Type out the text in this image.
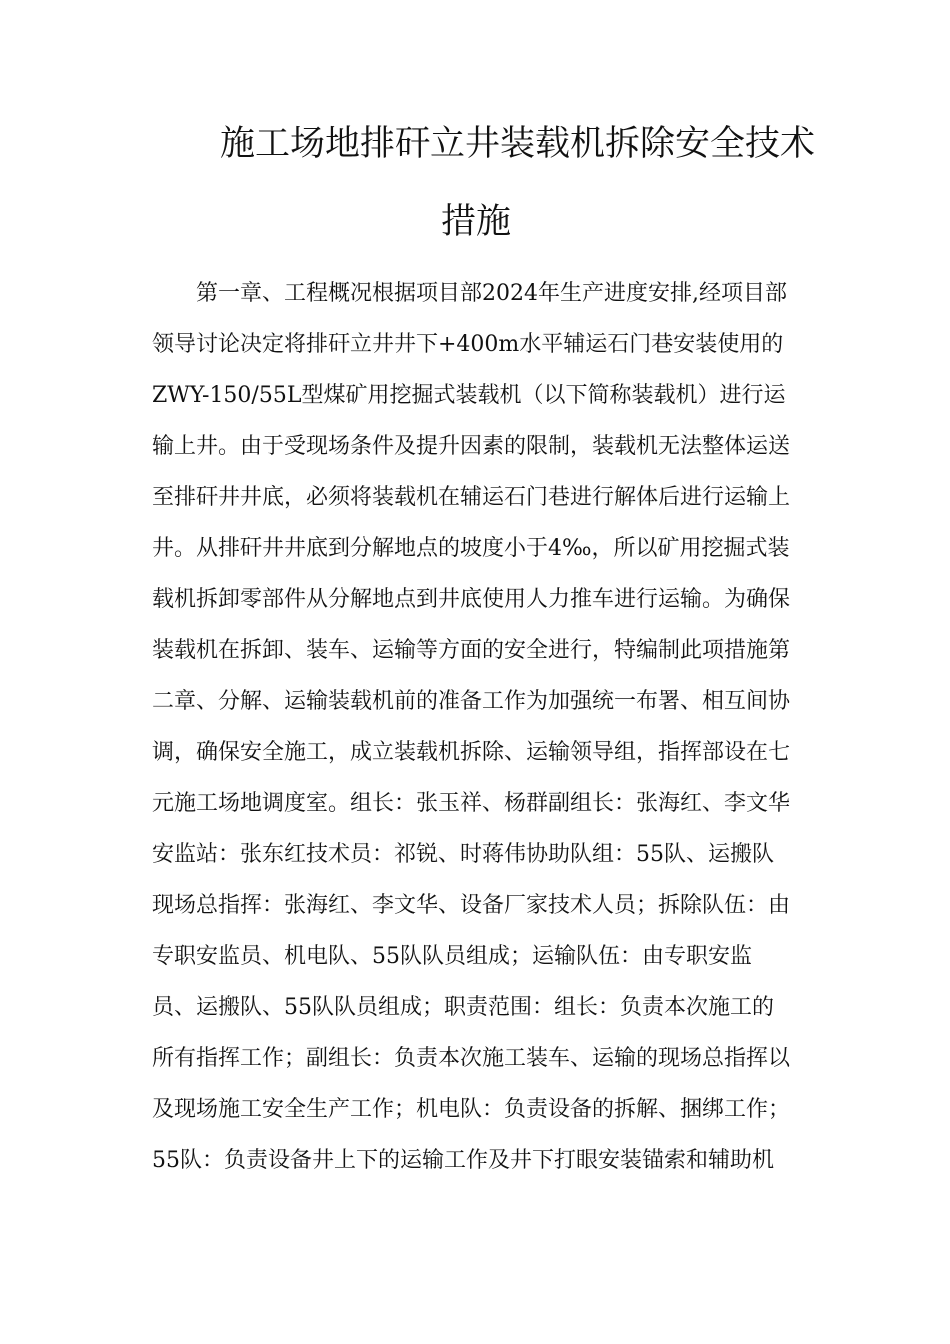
施工场地排矸立井装载机拆除安全技术
措施
第一章、工程概况根据项目部2024年生产进度安排,经项目部
领导讨论决定将排矸立井井下+400m水平辅运石门巷安装使用的
ZWY-150/55L型煤矿用挖掘式装载机（以下简称装载机）进行运
输上井。由于受现场条件及提升因素的限制，装载机无法整体运送
至排矸井井底，必须将装载机在辅运石门巷进行解体后进行运输上
井。从排矸井井底到分解地点的坡度小于4‰，所以矿用挖掘式装
载机拆卸零部件从分解地点到井底使用人力推车进行运输。为确保
装载机在拆卸、装车、运输等方面的安全进行，特编制此项措施第
二章、分解、运输装载机前的准备工作为加强统一布署、相互间协
调，确保安全施工，成立装载机拆除、运输领导组，指挥部设在七
元施工场地调度室。组长：张玉祥、杨群副组长：张海红、李文华
安监站：张东红技术员：祁锐、时蒋伟协助队组：55队、运搬队
现场总指挥：张海红、李文华、设备厂家技术人员；拆除队伍：由
专职安监员、机电队、55队队员组成；运输队伍：由专职安监
员、运搬队、55队队员组成；职责范围：组长：负责本次施工的
所有指挥工作；副组长：负责本次施工装车、运输的现场总指挥以
及现场施工安全生产工作；机电队：负责设备的拆解、捆绑工作；
55队：负责设备井上下的运输工作及井下打眼安装锚索和辅助机
